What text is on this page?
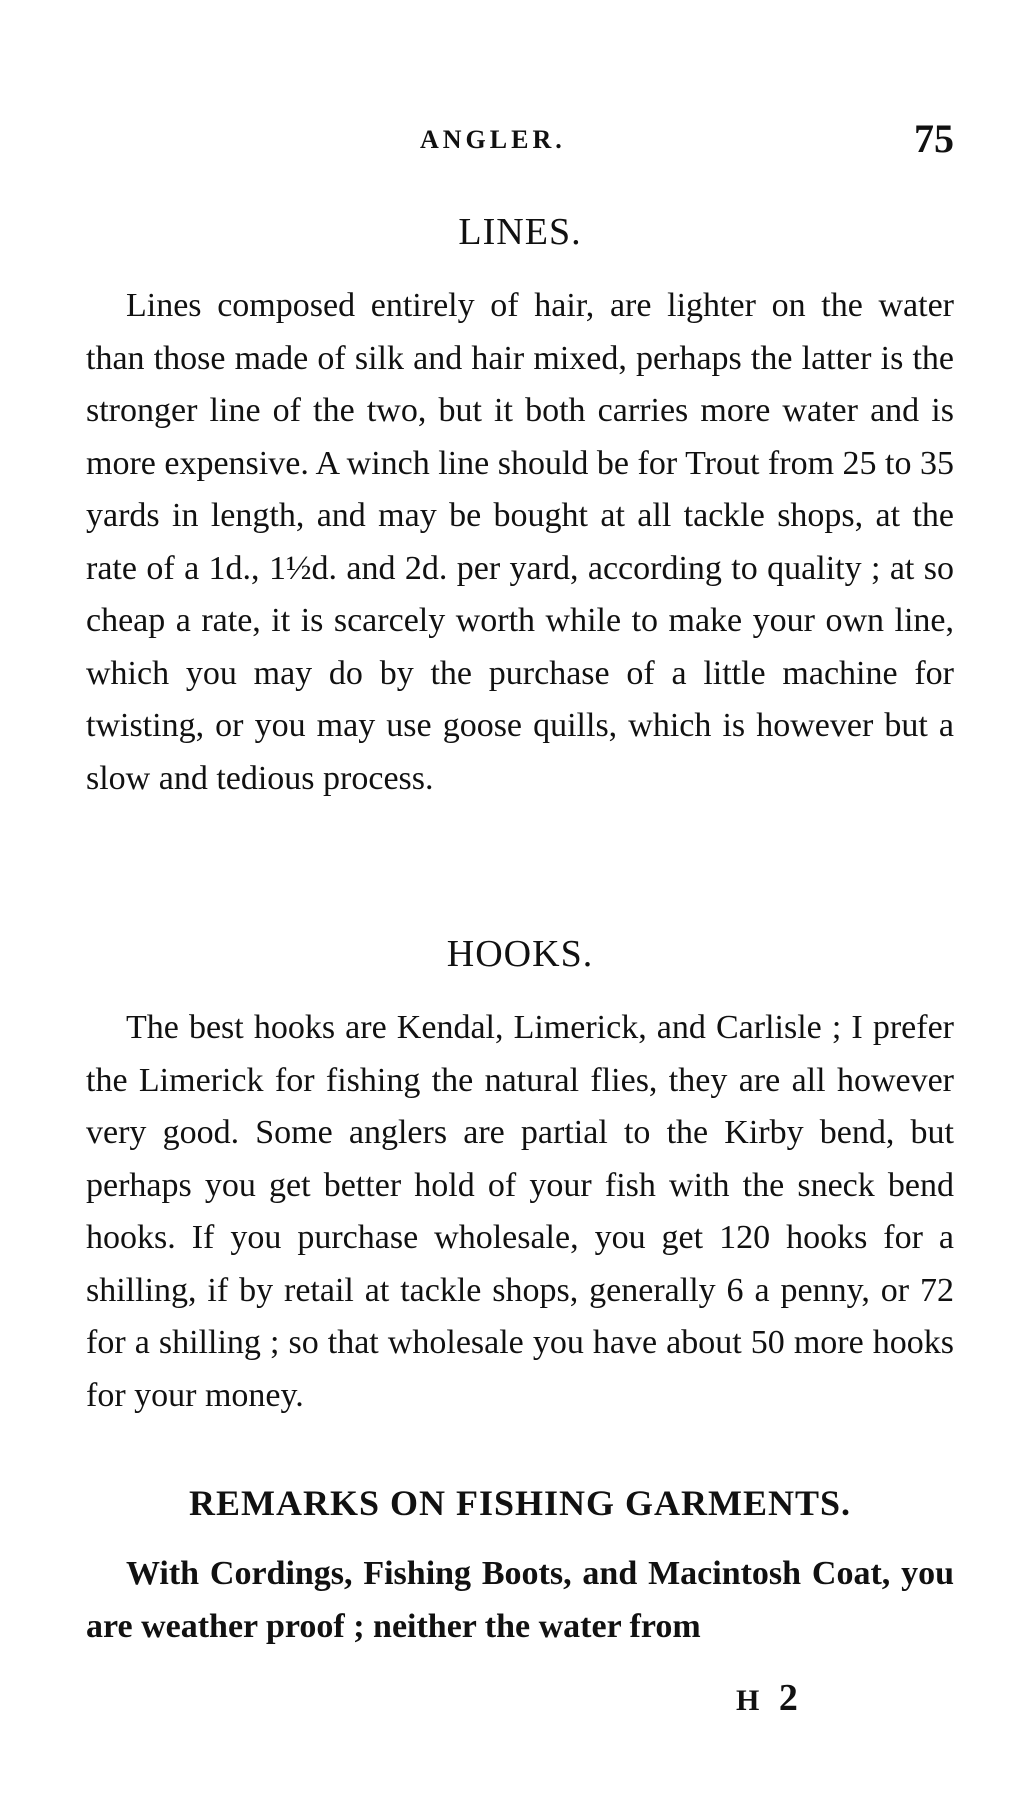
ANGLER.	75
LINES.

Lines composed entirely of hair, are lighter on the water than those made of silk and hair mixed, perhaps the latter is the stronger line of the two, but it both carries more water and is more expensive. A winch line should be for Trout from 25 to 35 yards in length, and may be bought at all tackle shops, at the rate of a 1d., 1½d. and 2d. per yard, according to quality ; at so cheap a rate, it is scarcely worth while to make your own line, which you may do by the purchase of a little machine for twisting, or you may use goose quills, which is however but a slow and tedious process.

HOOKS.

The best hooks are Kendal, Limerick, and Carlisle ; I prefer the Limerick for fishing the natural flies, they are all however very good. Some anglers are partial to the Kirby bend, but perhaps you get better hold of your fish with the sneck bend hooks. If you purchase wholesale, you get 120 hooks for a shilling, if by retail at tackle shops, generally 6 a penny, or 72 for a shilling ; so that wholesale you have about 50 more hooks for your money.

REMARKS ON FISHING GARMENTS.

With Cordings, Fishing Boots, and Macintosh Coat, you are weather proof ; neither the water from

H 2
